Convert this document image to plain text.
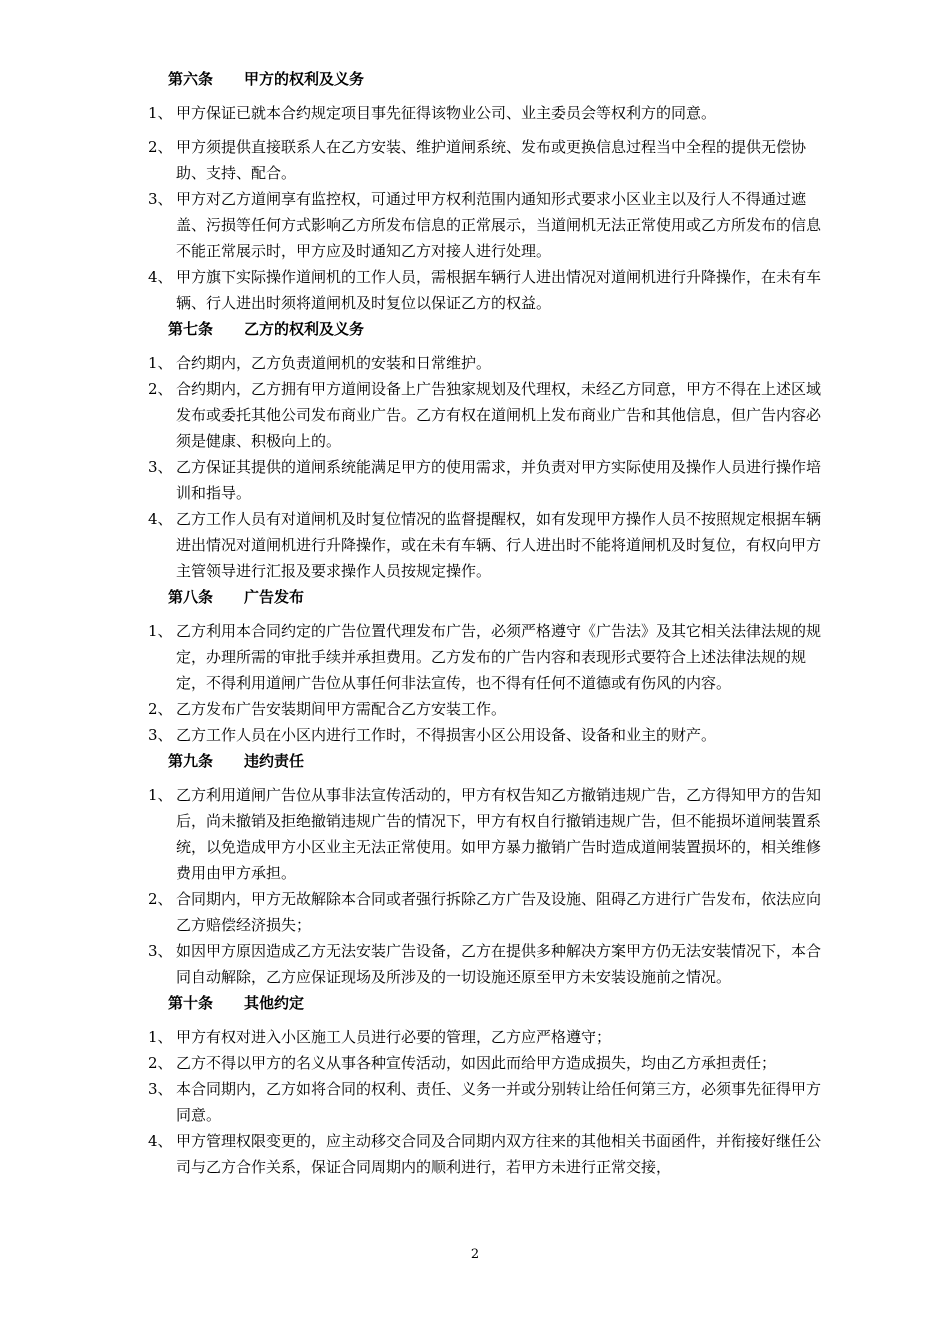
第六条 甲方的权利及义务

1、 甲方保证已就本合约规定项目事先征得该物业公司、业主委员会等权利方的同意。

2、 甲方须提供直接联系人在乙方安装、维护道闸系统、发布或更换信息过程当中全程的提供无偿协助、支持、配合。

3、 甲方对乙方道闸享有监控权，可通过甲方权利范围内通知形式要求小区业主以及行人不得通过遮盖、污损等任何方式影响乙方所发布信息的正常展示，当道闸机无法正常使用或乙方所发布的信息不能正常展示时，甲方应及时通知乙方对接人进行处理。

4、 甲方旗下实际操作道闸机的工作人员，需根据车辆行人进出情况对道闸机进行升降操作，在未有车辆、行人进出时须将道闸机及时复位以保证乙方的权益。

第七条 乙方的权利及义务

1、 合约期内，乙方负责道闸机的安装和日常维护。

2、 合约期内，乙方拥有甲方道闸设备上广告独家规划及代理权，未经乙方同意，甲方不得在上述区域发布或委托其他公司发布商业广告。乙方有权在道闸机上发布商业广告和其他信息，但广告内容必须是健康、积极向上的。

3、 乙方保证其提供的道闸系统能满足甲方的使用需求，并负责对甲方实际使用及操作人员进行操作培训和指导。

4、 乙方工作人员有对道闸机及时复位情况的监督提醒权，如有发现甲方操作人员不按照规定根据车辆进出情况对道闸机进行升降操作，或在未有车辆、行人进出时不能将道闸机及时复位，有权向甲方主管领导进行汇报及要求操作人员按规定操作。

第八条 广告发布

1、 乙方利用本合同约定的广告位置代理发布广告，必须严格遵守《广告法》及其它相关法律法规的规定，办理所需的审批手续并承担费用。乙方发布的广告内容和表现形式要符合上述法律法规的规定，不得利用道闸广告位从事任何非法宣传，也不得有任何不道德或有伤风的内容。

2、 乙方发布广告安装期间甲方需配合乙方安装工作。

3、 乙方工作人员在小区内进行工作时，不得损害小区公用设备、设备和业主的财产。

第九条 违约责任

1、 乙方利用道闸广告位从事非法宣传活动的，甲方有权告知乙方撤销违规广告，乙方得知甲方的告知后，尚未撤销及拒绝撤销违规广告的情况下，甲方有权自行撤销违规广告，但不能损坏道闸装置系统，以免造成甲方小区业主无法正常使用。如甲方暴力撤销广告时造成道闸装置损坏的，相关维修费用由甲方承担。

2、 合同期内，甲方无故解除本合同或者强行拆除乙方广告及设施、阻碍乙方进行广告发布，依法应向乙方赔偿经济损失；

3、 如因甲方原因造成乙方无法安装广告设备，乙方在提供多种解决方案甲方仍无法安装情况下，本合同自动解除，乙方应保证现场及所涉及的一切设施还原至甲方未安装设施前之情况。

第十条 其他约定

1、 甲方有权对进入小区施工人员进行必要的管理，乙方应严格遵守；

2、 乙方不得以甲方的名义从事各种宣传活动，如因此而给甲方造成损失，均由乙方承担责任；

3、 本合同期内，乙方如将合同的权利、责任、义务一并或分别转让给任何第三方，必须事先征得甲方同意。

4、 甲方管理权限变更的，应主动移交合同及合同期内双方往来的其他相关书面函件，并衔接好继任公司与乙方合作关系，保证合同周期内的顺利进行，若甲方未进行正常交接，

2
